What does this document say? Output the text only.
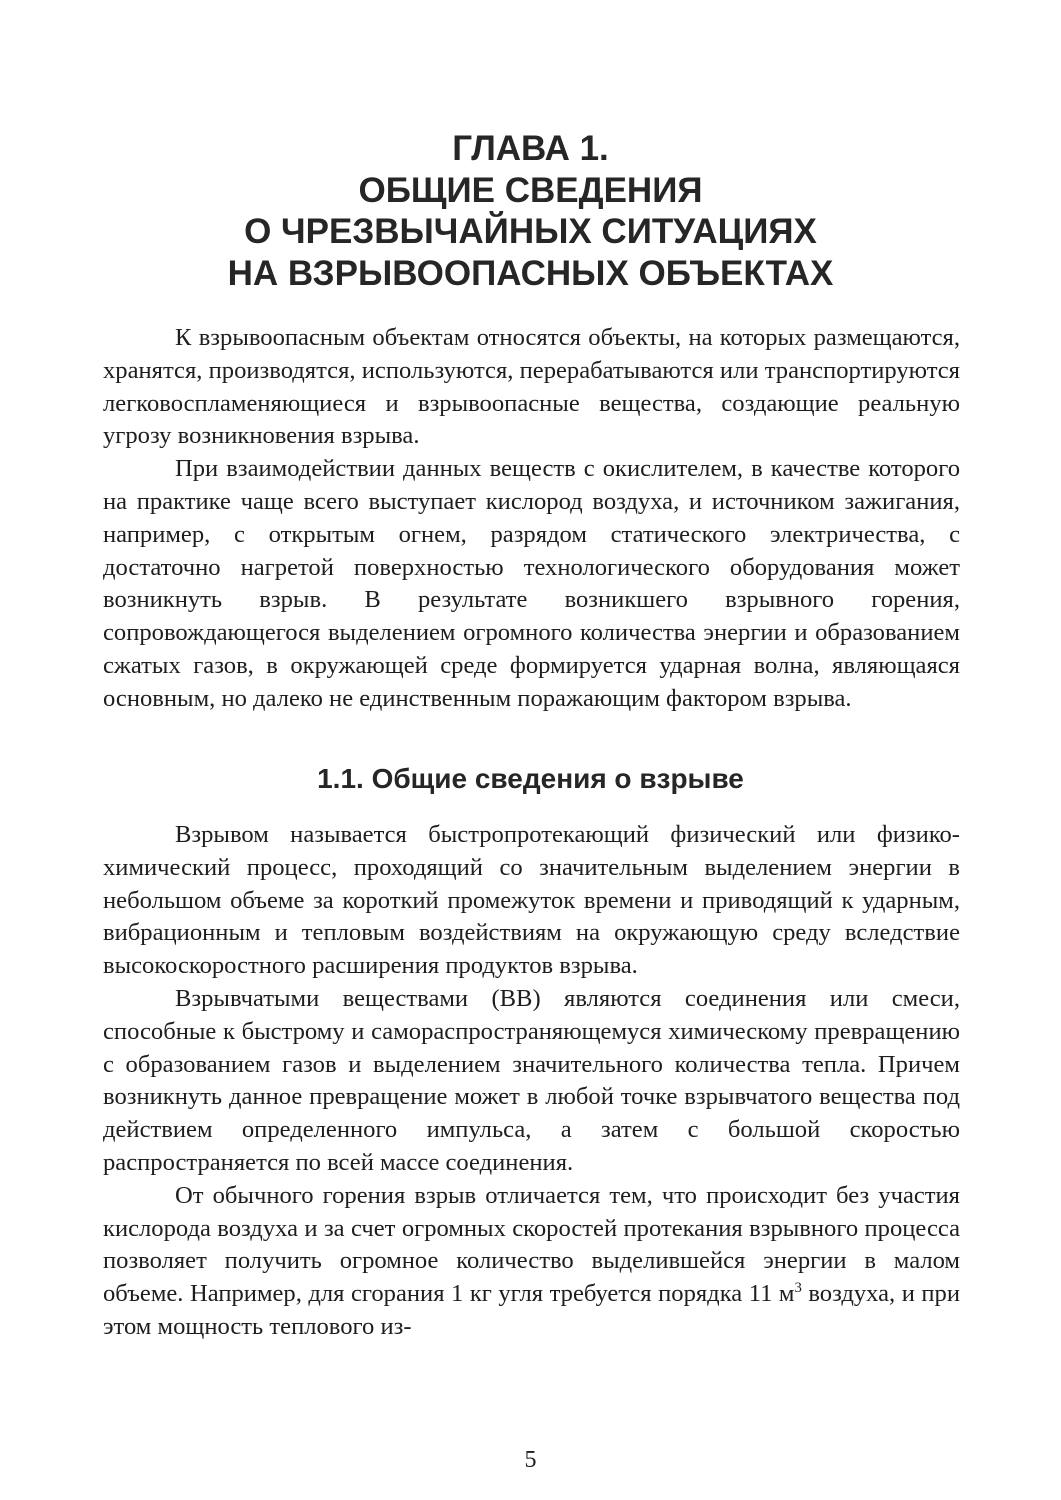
ГЛАВА 1.
ОБЩИЕ СВЕДЕНИЯ
О ЧРЕЗВЫЧАЙНЫХ СИТУАЦИЯХ
НА ВЗРЫВООПАСНЫХ ОБЪЕКТАХ

К взрывоопасным объектам относятся объекты, на которых размещаются, хранятся, производятся, используются, перерабатываются или транспортируются легковоспламеняющиеся и взрывоопасные вещества, создающие реальную угрозу возникновения взрыва.

При взаимодействии данных веществ с окислителем, в качестве которого на практике чаще всего выступает кислород воздуха, и источником зажигания, например, с открытым огнем, разрядом статического электричества, с достаточно нагретой поверхностью технологического оборудования может возникнуть взрыв. В результате возникшего взрывного горения, сопровождающегося выделением огромного количества энергии и образованием сжатых газов, в окружающей среде формируется ударная волна, являющаяся основным, но далеко не единственным поражающим фактором взрыва.

1.1. Общие сведения о взрыве

Взрывом называется быстропротекающий физический или физико-химический процесс, проходящий со значительным выделением энергии в небольшом объеме за короткий промежуток времени и приводящий к ударным, вибрационным и тепловым воздействиям на окружающую среду вследствие высокоскоростного расширения продуктов взрыва.

Взрывчатыми веществами (ВВ) являются соединения или смеси, способные к быстрому и самораспространяющемуся химическому превращению с образованием газов и выделением значительного количества тепла. Причем возникнуть данное превращение может в любой точке взрывчатого вещества под действием определенного импульса, а затем с большой скоростью распространяется по всей массе соединения.

От обычного горения взрыв отличается тем, что происходит без участия кислорода воздуха и за счет огромных скоростей протекания взрывного процесса позволяет получить огромное количество выделившейся энергии в малом объеме. Например, для сгорания 1 кг угля требуется порядка 11 $м^3$ воздуха, и при этом мощность теплового из-

5
